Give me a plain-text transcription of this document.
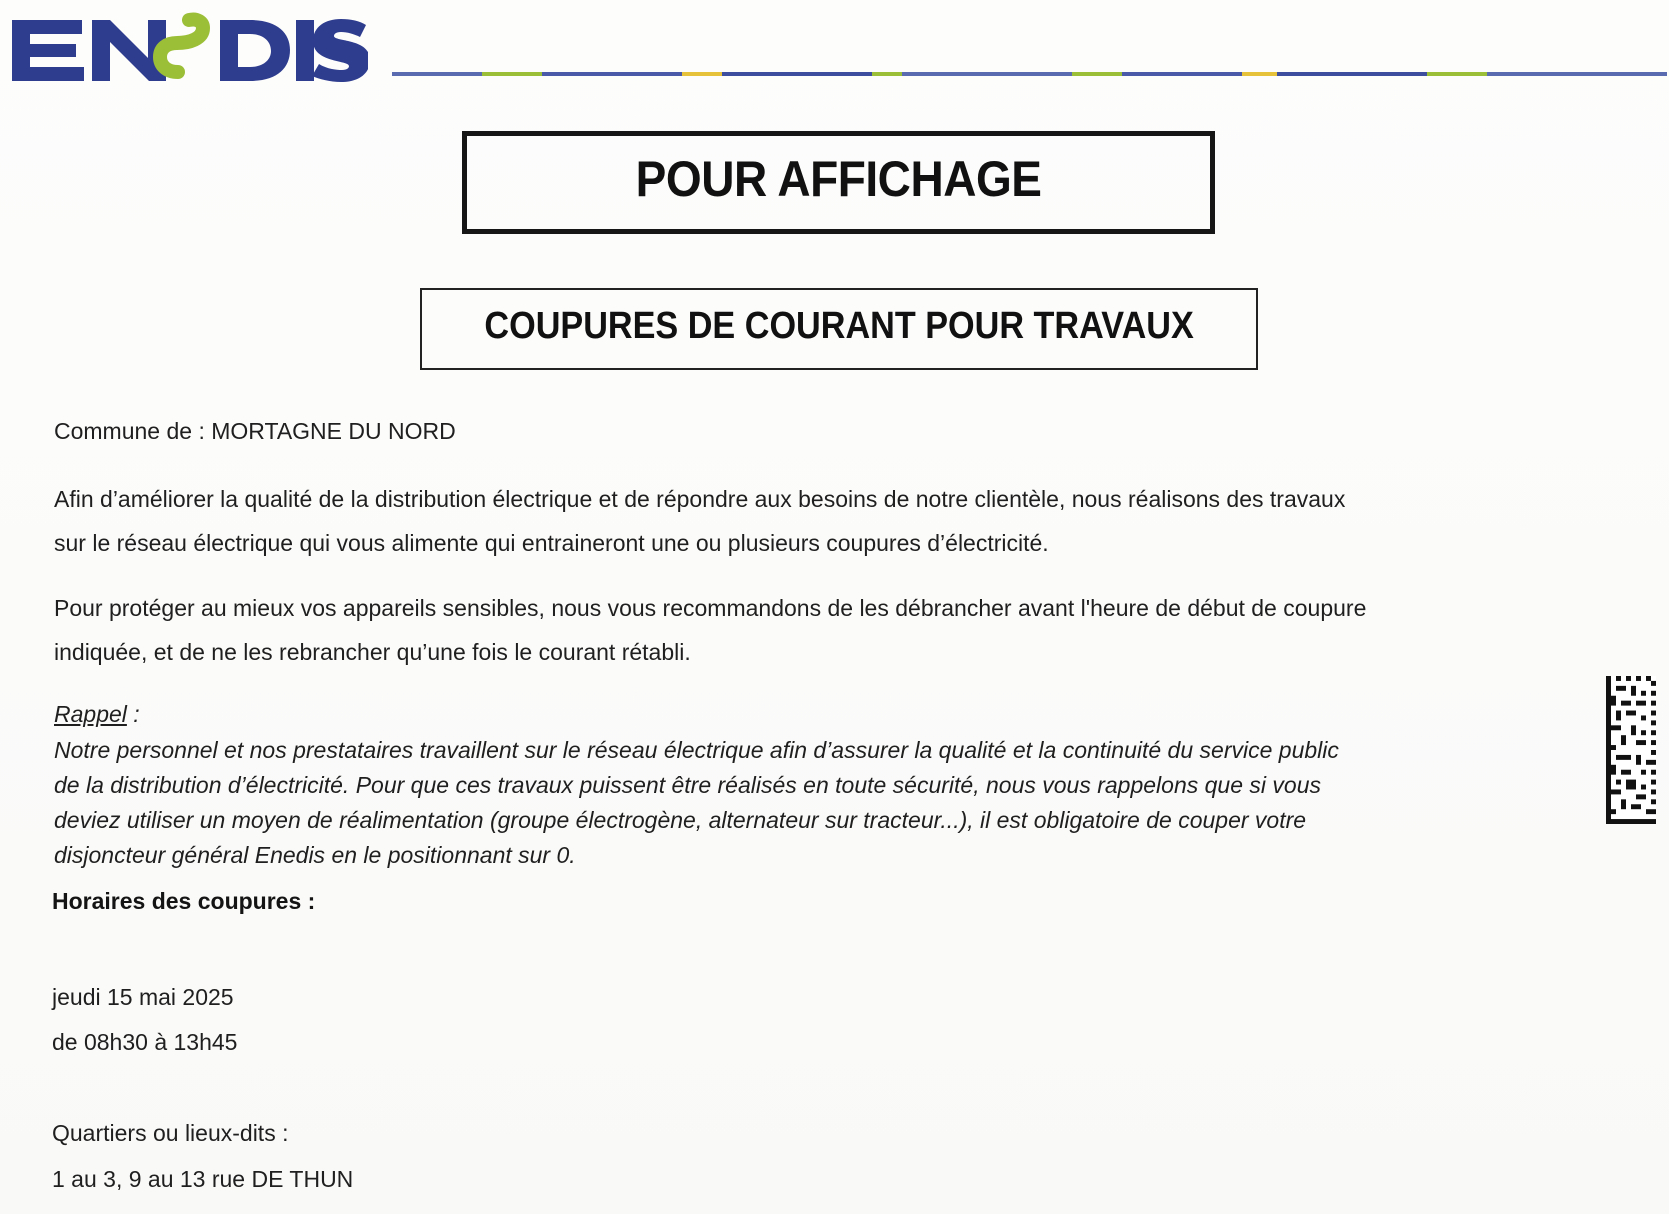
POUR AFFICHAGE
COUPURES DE COURANT POUR TRAVAUX
Commune de : MORTAGNE DU NORD
Afin d’améliorer la qualité de la distribution électrique et de répondre aux besoins de notre clientèle, nous réalisons des travaux
sur le réseau électrique qui vous alimente qui entraineront une ou plusieurs coupures d’électricité.
Pour protéger au mieux vos appareils sensibles, nous vous recommandons de les débrancher avant l'heure de début de coupure
indiquée, et de ne les rebrancher qu’une fois le courant rétabli.
Rappel :
Notre personnel et nos prestataires travaillent sur le réseau électrique afin d’assurer la qualité et la continuité du service public
de la distribution d’électricité. Pour que ces travaux puissent être réalisés en toute sécurité, nous vous rappelons que si vous
deviez utiliser un moyen de réalimentation (groupe électrogène, alternateur sur tracteur...), il est obligatoire de couper votre
disjoncteur général Enedis en le positionnant sur 0.
Horaires des coupures :
jeudi 15 mai 2025
de 08h30 à 13h45
Quartiers ou lieux-dits :
1 au 3, 9 au 13 rue DE THUN
